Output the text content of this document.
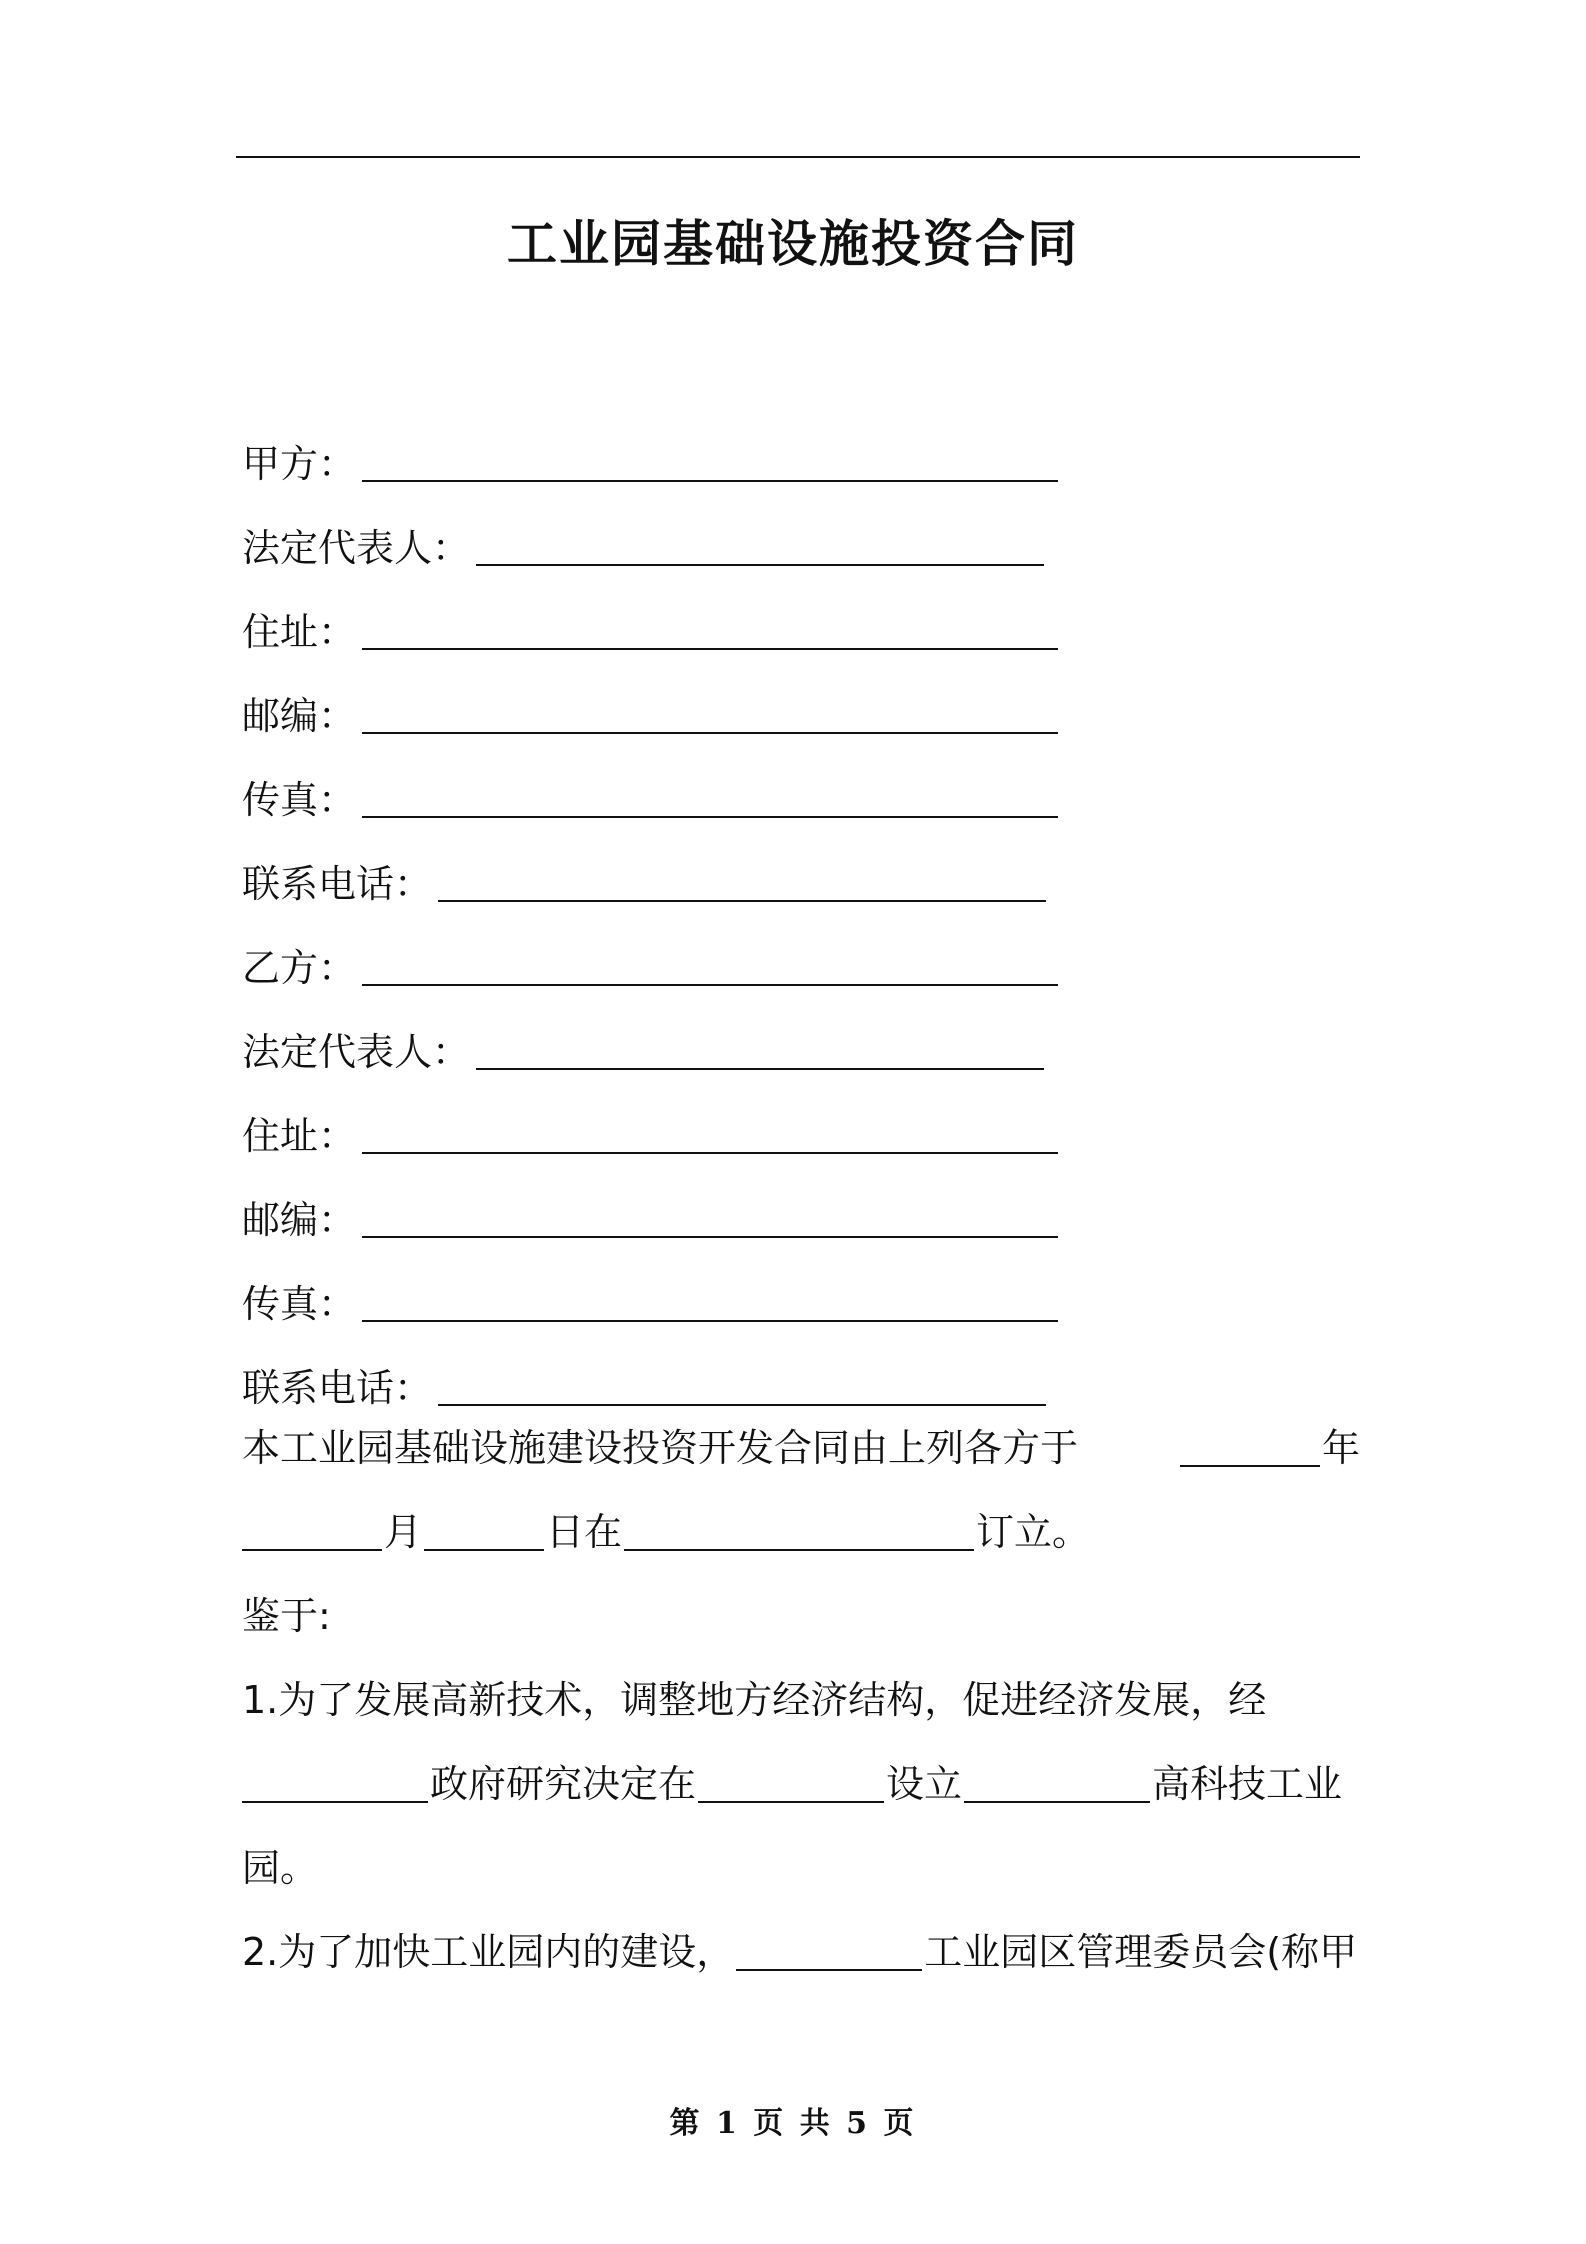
工业园基础设施投资合同
甲方：
法定代表人：
住址：
邮编：
传真：
联系电话：
乙方：
法定代表人：
住址：
邮编：
传真：
联系电话：
本工业园基础设施建设投资开发合同由上列各方于	年
月	日在	订立。
鉴于:
1.为了发展高新技术，调整地方经济结构，促进经济发展，经
政府研究决定在	设立	高科技工业
园。
2.为了加快工业园内的建设，	工业园区管理委员会(称甲
第 1 页 共 5 页
